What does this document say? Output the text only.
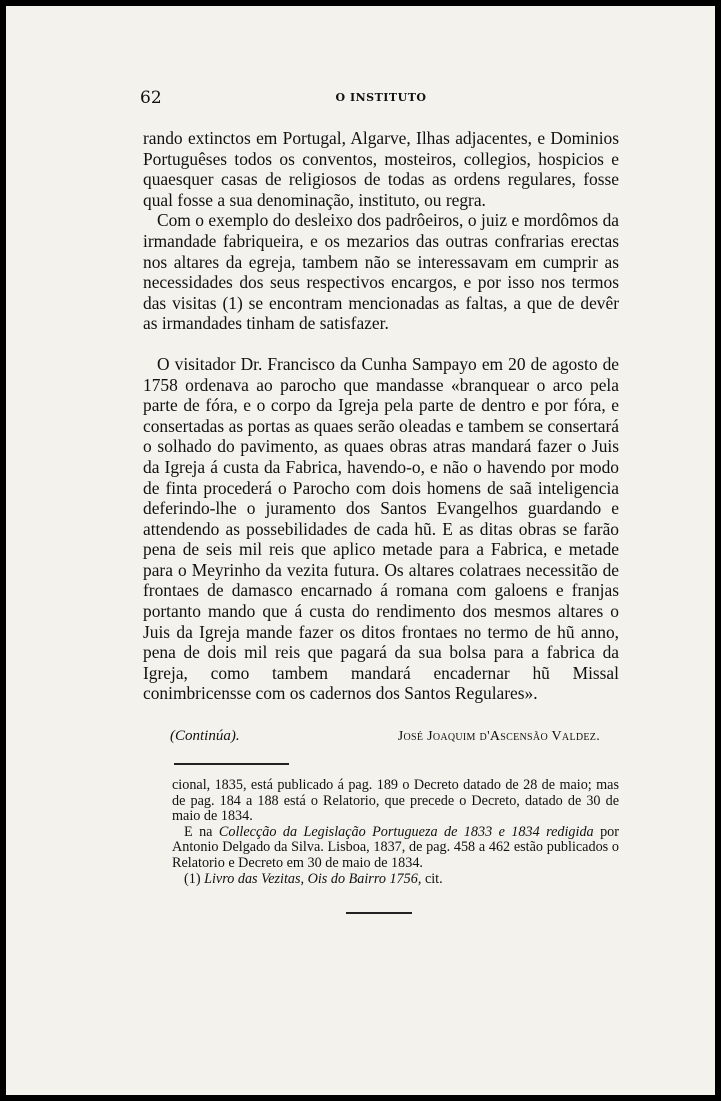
62	O INSTITUTO

rando extinctos em Portugal, Algarve, Ilhas adjacentes, e Dominios Portuguêses todos os conventos, mosteiros, collegios, hospicios e quaesquer casas de religiosos de todas as ordens regulares, fosse qual fosse a sua denominação, instituto, ou regra.

Com o exemplo do desleixo dos padrôeiros, o juiz e mordômos da irmandade fabriqueira, e os mezarios das outras confrarias erectas nos altares da egreja, tambem não se interessavam em cumprir as necessidades dos seus respectivos encargos, e por isso nos termos das visitas (1) se encontram mencionadas as faltas, a que de devêr as irmandades tinham de satisfazer.

O visitador Dr. Francisco da Cunha Sampayo em 20 de agosto de 1758 ordenava ao parocho que mandasse «branquear o arco pela parte de fóra, e o corpo da Igreja pela parte de dentro e por fóra, e consertadas as portas as quaes serão oleadas e tambem se consertará o solhado do pavimento, as quaes obras atras mandará fazer o Juis da Igreja á custa da Fabrica, havendo-o, e não o havendo por modo de finta procederá o Parocho com dois homens de saã inteligencia deferindo-lhe o juramento dos Santos Evangelhos guardando e attendendo as possebilidades de cada hũ. E as ditas obras se farão pena de seis mil reis que aplico metade para a Fabrica, e metade para o Meyrinho da vezita futura. Os altares colatraes necessitão de frontaes de damasco encarnado á romana com galoens e franjas portanto mando que á custa do rendimento dos mesmos altares o Juis da Igreja mande fazer os ditos frontaes no termo de hũ anno, pena de dois mil reis que pagará da sua bolsa para a fabrica da Igreja, como tambem mandará encadernar hũ Missal conimbricensse com os cadernos dos Santos Regulares».

(Continúa).	José Joaquim d'Ascensão Valdez.

cional, 1835, está publicado á pag. 189 o Decreto datado de 28 de maio; mas de pag. 184 a 188 está o Relatorio, que precede o Decreto, datado de 30 de maio de 1834.

E na Collecção da Legislação Portugueza de 1833 e 1834 redigida por Antonio Delgado da Silva. Lisboa, 1837, de pag. 458 a 462 estão publicados o Relatorio e Decreto em 30 de maio de 1834.

(1) Livro das Vezitas, Ois do Bairro 1756, cit.
